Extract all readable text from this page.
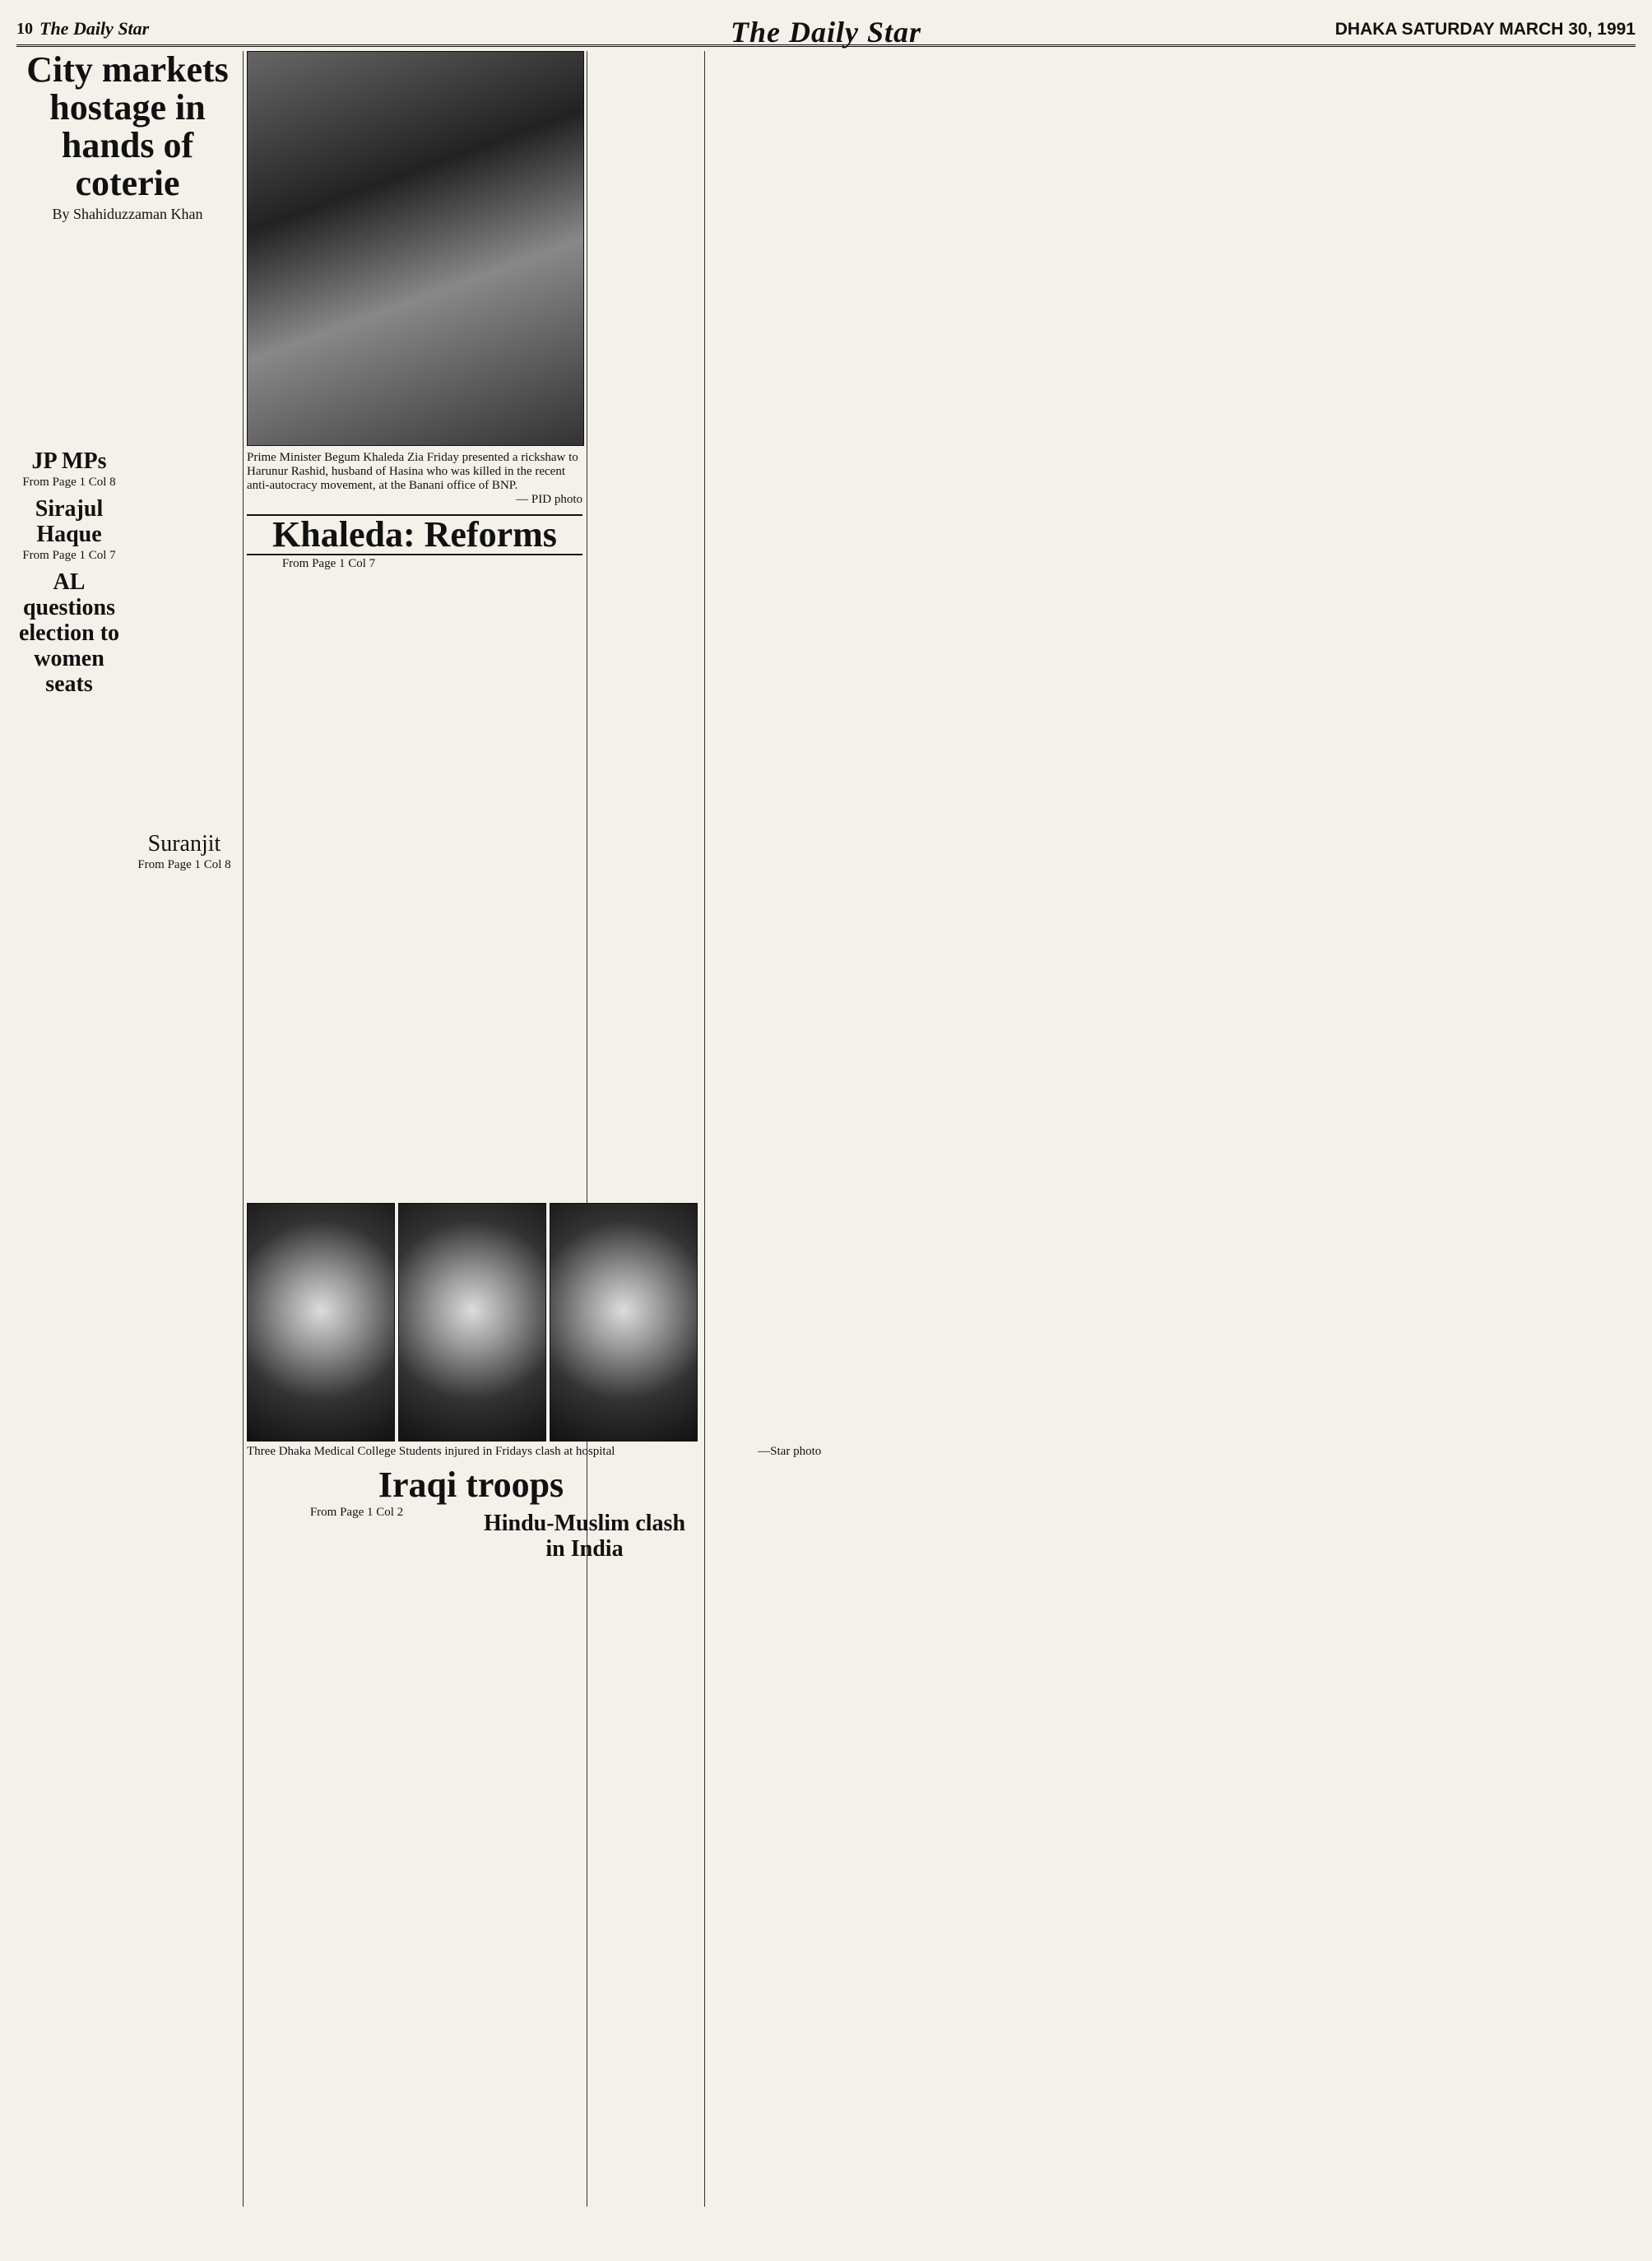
10 The Daily Star	The Daily Star	DHAKA SATURDAY MARCH 30, 1991
City markets hostage in hands of coterie
By Shahiduzzaman Khan
JP MPs
From Page 1 Col 8
Sirajul Haque
From Page 1 Col 7
AL questions election to women seats
Suranjit
From Page 1 Col 8
Prime Minister Begum Khaleda Zia Friday presented a rickshaw to Harunur Rashid, husband of Hasina who was killed in the recent anti-autocracy movement, at the Banani office of BNP.
— PID photo
Khaleda: Reforms
From Page 1 Col 7
Three Dhaka Medical College Students injured in Fridays clash at hospital	—Star photo
Iraqi troops
From Page 1 Col 2	Hindu-Muslim clash in India
